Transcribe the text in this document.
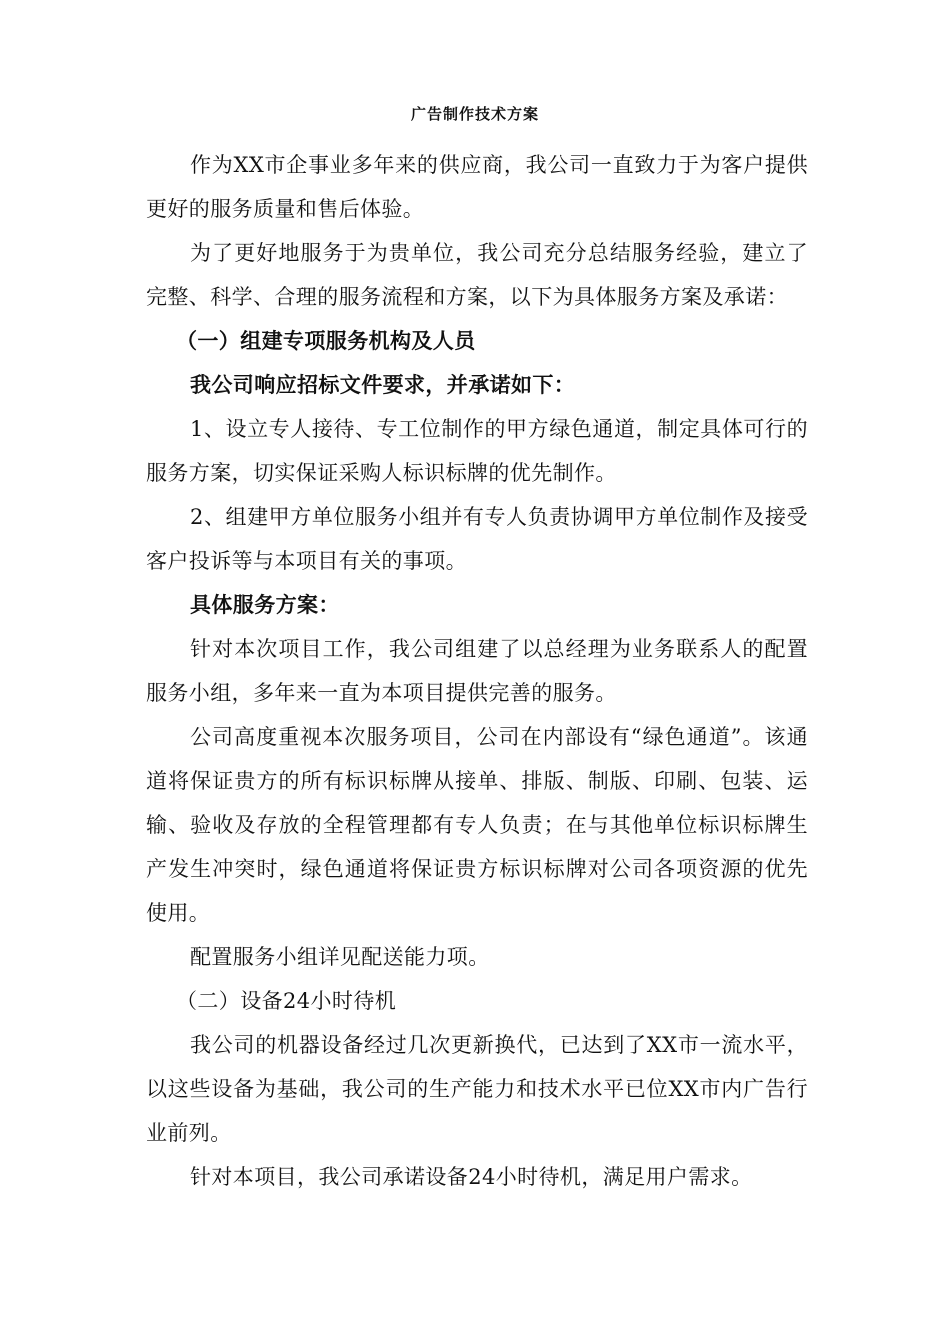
广告制作技术方案

作为XX市企事业多年来的供应商，我公司一直致力于为客户提供更好的服务质量和售后体验。

为了更好地服务于为贵单位，我公司充分总结服务经验，建立了完整、科学、合理的服务流程和方案，以下为具体服务方案及承诺：

（一）组建专项服务机构及人员

我公司响应招标文件要求，并承诺如下：

1、设立专人接待、专工位制作的甲方绿色通道，制定具体可行的服务方案，切实保证采购人标识标牌的优先制作。

2、组建甲方单位服务小组并有专人负责协调甲方单位制作及接受客户投诉等与本项目有关的事项。

具体服务方案：

针对本次项目工作，我公司组建了以总经理为业务联系人的配置服务小组，多年来一直为本项目提供完善的服务。

公司高度重视本次服务项目，公司在内部设有“绿色通道”。该通道将保证贵方的所有标识标牌从接单、排版、制版、印刷、包装、运输、验收及存放的全程管理都有专人负责；在与其他单位标识标牌生产发生冲突时，绿色通道将保证贵方标识标牌对公司各项资源的优先使用。

配置服务小组详见配送能力项。

（二）设备24小时待机

我公司的机器设备经过几次更新换代，已达到了XX市一流水平，以这些设备为基础，我公司的生产能力和技术水平已位XX市内广告行业前列。

针对本项目，我公司承诺设备24小时待机，满足用户需求。
